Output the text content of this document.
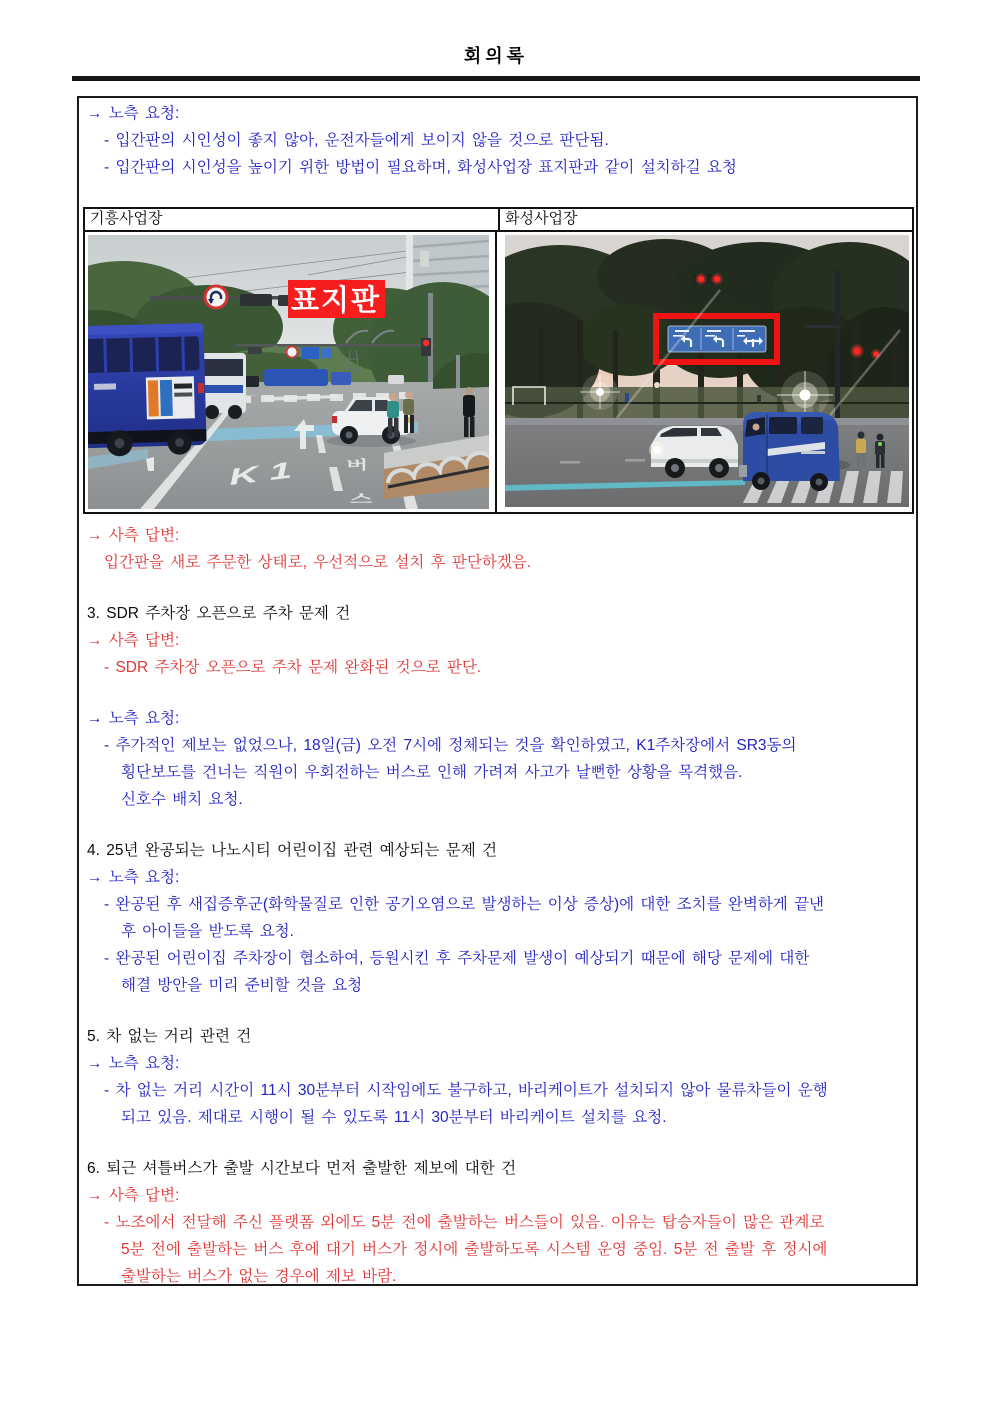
회의록
→ 노측 요청:
- 입간판의 시인성이 좋지 않아, 운전자들에게 보이지 않을 것으로 판단됨.
- 입간판의 시인성을 높이기 위한 방법이 필요하며, 화성사업장 표지판과 같이 설치하길 요청
기흥사업장	화성사업장
표지판
K 1	버
스
→ 사측 답변:
입간판을 새로 주문한 상태로, 우선적으로 설치 후 판단하겠음.
3. SDR 주차장 오픈으로 주차 문제 건
→ 사측 답변:
- SDR 주차장 오픈으로 주차 문제 완화된 것으로 판단.
→ 노측 요청:
- 추가적인 제보는 없었으나, 18일(금) 오전 7시에 정체되는 것을 확인하였고, K1주차장에서 SR3동의
횡단보도를 건너는 직원이 우회전하는 버스로 인해 가려져 사고가 날뻔한 상황을 목격했음.
신호수 배치 요청.
4. 25년 완공되는 나노시티 어린이집 관련 예상되는 문제 건
→ 노측 요청:
- 완공된 후 새집증후군(화학물질로 인한 공기오염으로 발생하는 이상 증상)에 대한 조치를 완벽하게 끝낸
후 아이들을 받도록 요청.
- 완공된 어린이집 주차장이 협소하여, 등원시킨 후 주차문제 발생이 예상되기 때문에 해당 문제에 대한
해결 방안을 미리 준비할 것을 요청
5. 차 없는 거리 관련 건
→ 노측 요청:
- 차 없는 거리 시간이 11시 30분부터 시작임에도 불구하고, 바리케이트가 설치되지 않아 물류차들이 운행
되고 있음. 제대로 시행이 될 수 있도록 11시 30분부터 바리케이트 설치를 요청.
6. 퇴근 셔틀버스가 출발 시간보다 먼저 출발한 제보에 대한 건
→ 사측 답변:
- 노조에서 전달해 주신 플랫폼 외에도 5분 전에 출발하는 버스들이 있음. 이유는 탑승자들이 많은 관계로
5분 전에 출발하는 버스 후에 대기 버스가 정시에 출발하도록 시스템 운영 중임. 5분 전 출발 후 정시에
출발하는 버스가 없는 경우에 제보 바람.
